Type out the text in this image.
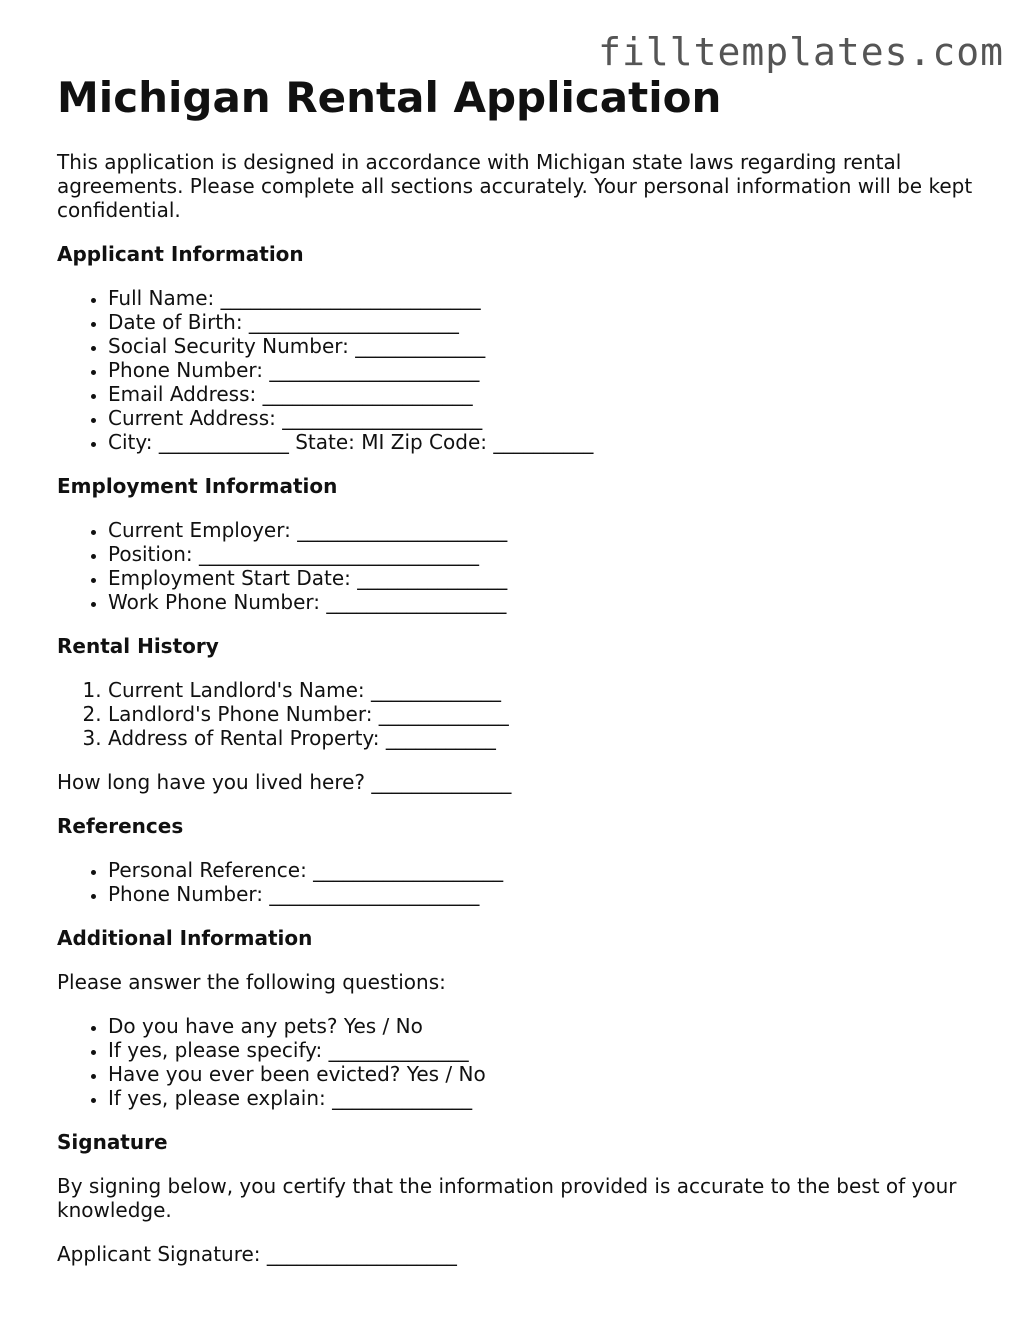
filltemplates.com
Michigan Rental Application

This application is designed in accordance with Michigan state laws regarding rental agreements. Please complete all sections accurately. Your personal information will be kept confidential.

Applicant Information
• Full Name: __________________________
• Date of Birth: _____________________
• Social Security Number: _____________
• Phone Number: _____________________
• Email Address: _____________________
• Current Address: ____________________
• City: _____________ State: MI Zip Code: __________
Employment Information
• Current Employer: _____________________
• Position: ____________________________
• Employment Start Date: _______________
• Work Phone Number: __________________
Rental History
1. Current Landlord's Name: _____________
2. Landlord's Phone Number: _____________
3. Address of Rental Property: ___________

How long have you lived here? ______________

References
• Personal Reference: ___________________
• Phone Number: _____________________
Additional Information

Please answer the following questions:

• Do you have any pets? Yes / No
• If yes, please specify: ______________
• Have you ever been evicted? Yes / No
• If yes, please explain: ______________
Signature

By signing below, you certify that the information provided is accurate to the best of your knowledge.

Applicant Signature: ___________________
